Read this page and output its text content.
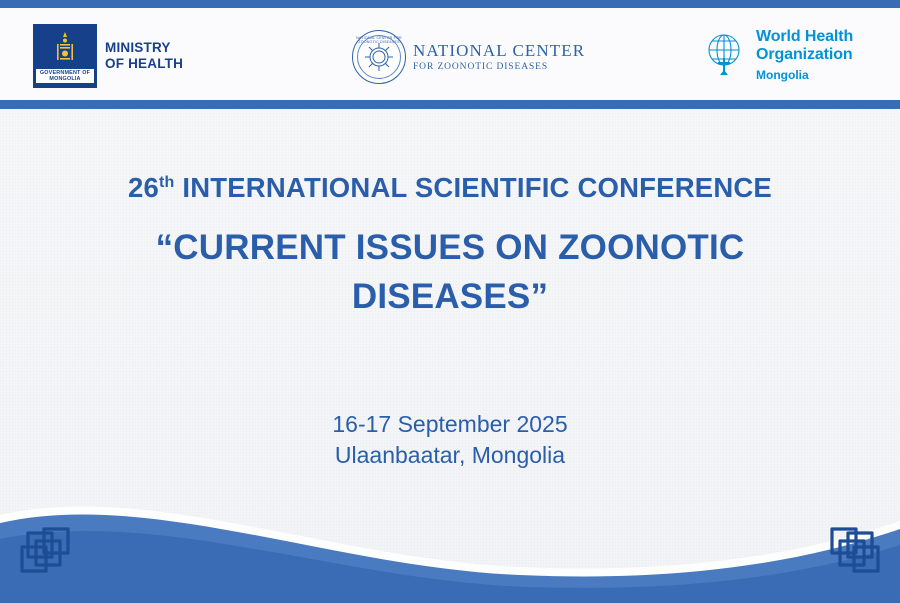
GOVERNMENT OF MONGOLIA
MINISTRY
OF HEALTH
NATIONAL CENTER FOR ZOONOTIC DISEASES NATIONAL CENTER
FOR ZOONOTIC DISEASES
World Health
Organization
Mongolia
26th INTERNATIONAL SCIENTIFIC CONFERENCE
“CURRENT ISSUES ON ZOONOTIC
DISEASES”
16-17 September 2025
Ulaanbaatar, Mongolia
